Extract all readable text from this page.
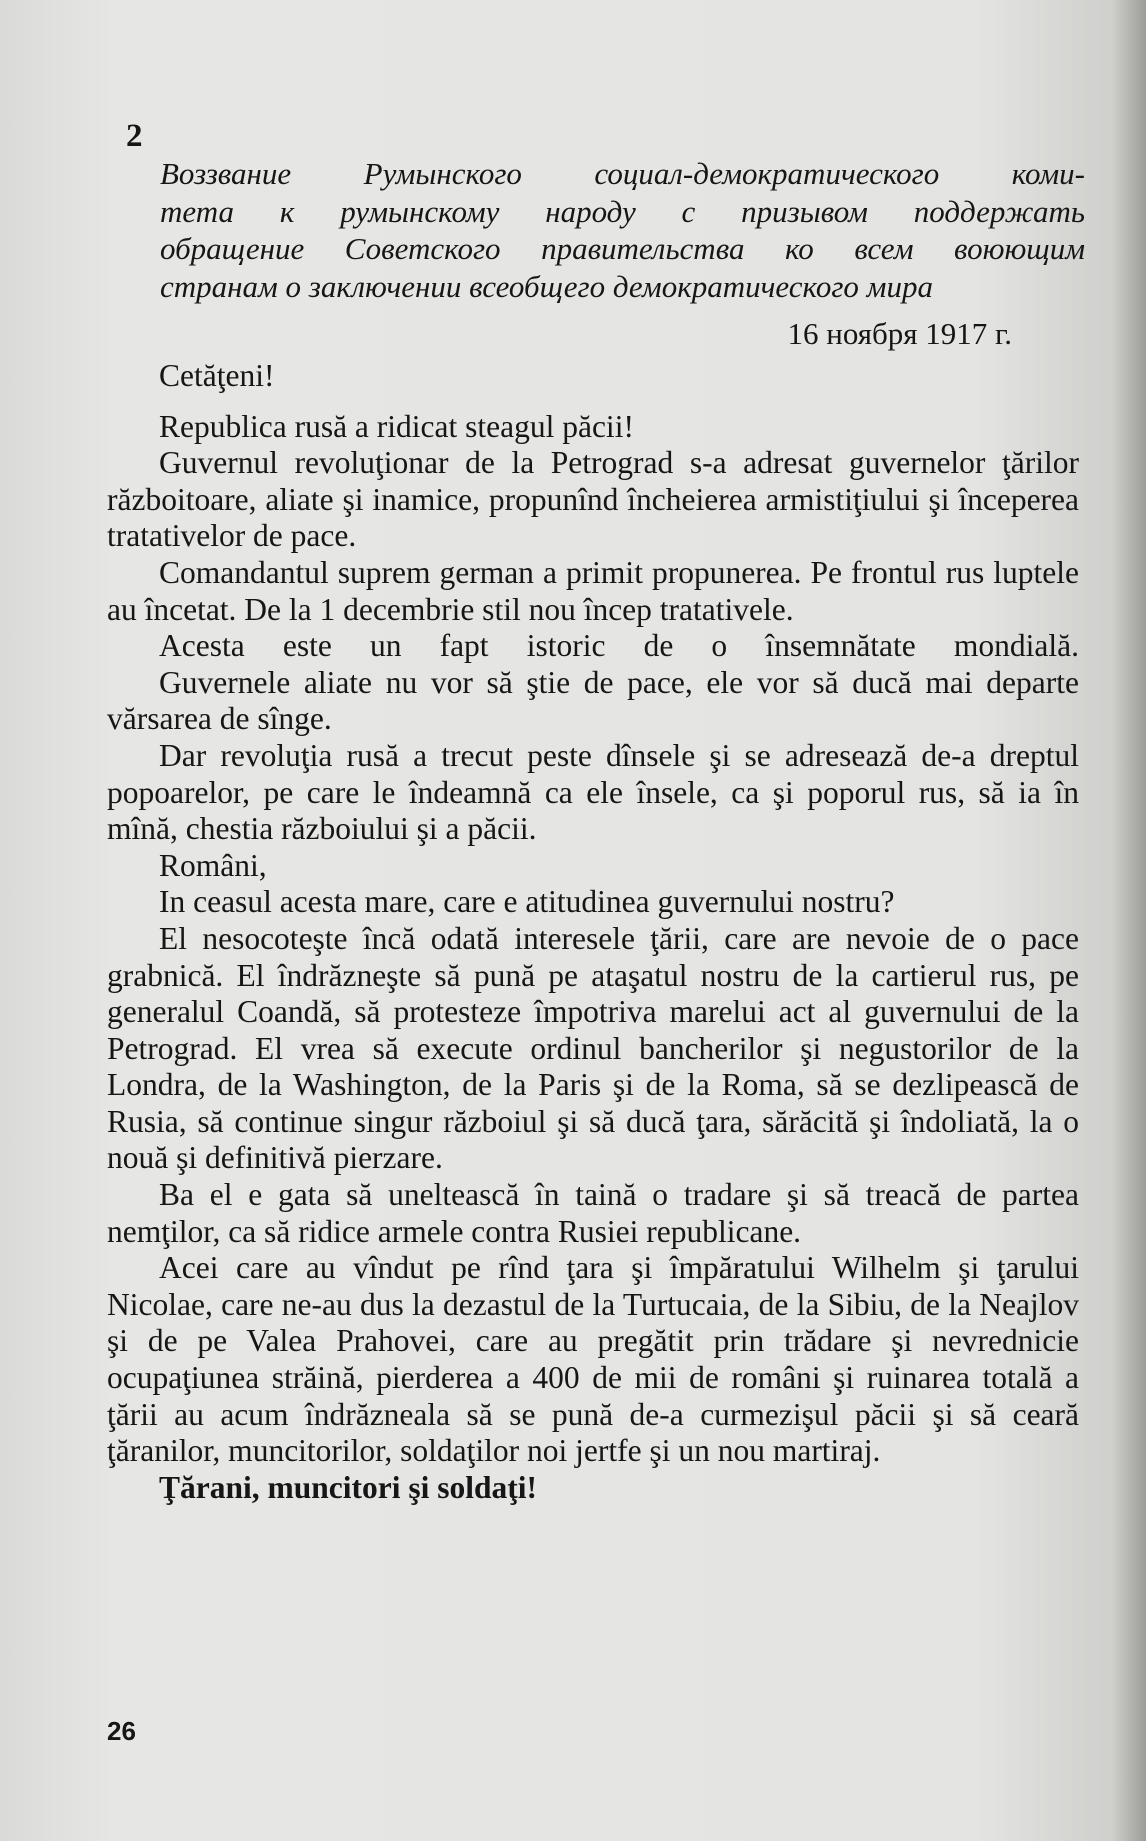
2
Воззвание Румынского социал-демократического коми-
тета к румынскому народу с призывом поддержать
обращение Советского правительства ко всем воюющим
странам о заключении всеобщего демократического мира
16 ноября 1917 г.

Cetăţeni!

Republica rusă a ridicat steagul păcii!

Guvernul revoluţionar de la Petrograd s-a adresat guvernelor ţărilor războitoare, aliate şi inamice, propunînd încheierea armistiţiului şi începerea tratativelor de pace.

Comandantul suprem german a primit propunerea. Pe frontul rus luptele au încetat. De la 1 decembrie stil nou încep tratativele.

Acesta este un fapt istoric de o însemnătate mondială.

Guvernele aliate nu vor să ştie de pace, ele vor să ducă mai departe vărsarea de sînge.

Dar revoluţia rusă a trecut peste dînsele şi se adresează de-a dreptul popoarelor, pe care le îndeamnă ca ele însele, ca şi poporul rus, să ia în mînă, chestia războiului şi a păcii.

Români,

In ceasul acesta mare, care e atitudinea guvernului nostru?

El nesocoteşte încă odată interesele ţării, care are nevoie de o pace grabnică. El îndrăzneşte să pună pe ataşatul nostru de la cartierul rus, pe generalul Coandă, să protesteze împotriva marelui act al guvernului de la Petrograd. El vrea să execute ordinul bancherilor şi negustorilor de la Londra, de la Washington, de la Paris şi de la Roma, să se dezlipească de Rusia, să continue singur războiul şi să ducă ţara, sărăcită şi îndoliată, la o nouă şi definitivă pierzare.

Ba el e gata să uneltească în taină o tradare şi să treacă de partea nemţilor, ca să ridice armele contra Rusiei republicane.

Acei care au vîndut pe rînd ţara şi împăratului Wilhelm şi ţarului Nicolae, care ne-au dus la dezastul de la Turtucaia, de la Sibiu, de la Neajlov şi de pe Valea Prahovei, care au pregătit prin trădare şi nevrednicie ocupaţiunea străină, pierderea a 400 de mii de români şi ruinarea totală a ţării au acum îndrăzneala să se pună de-a curmezişul păcii şi să ceară ţăranilor, muncitorilor, soldaţilor noi jertfe şi un nou martiraj.

Ţărani, muncitori şi soldaţi!

26
